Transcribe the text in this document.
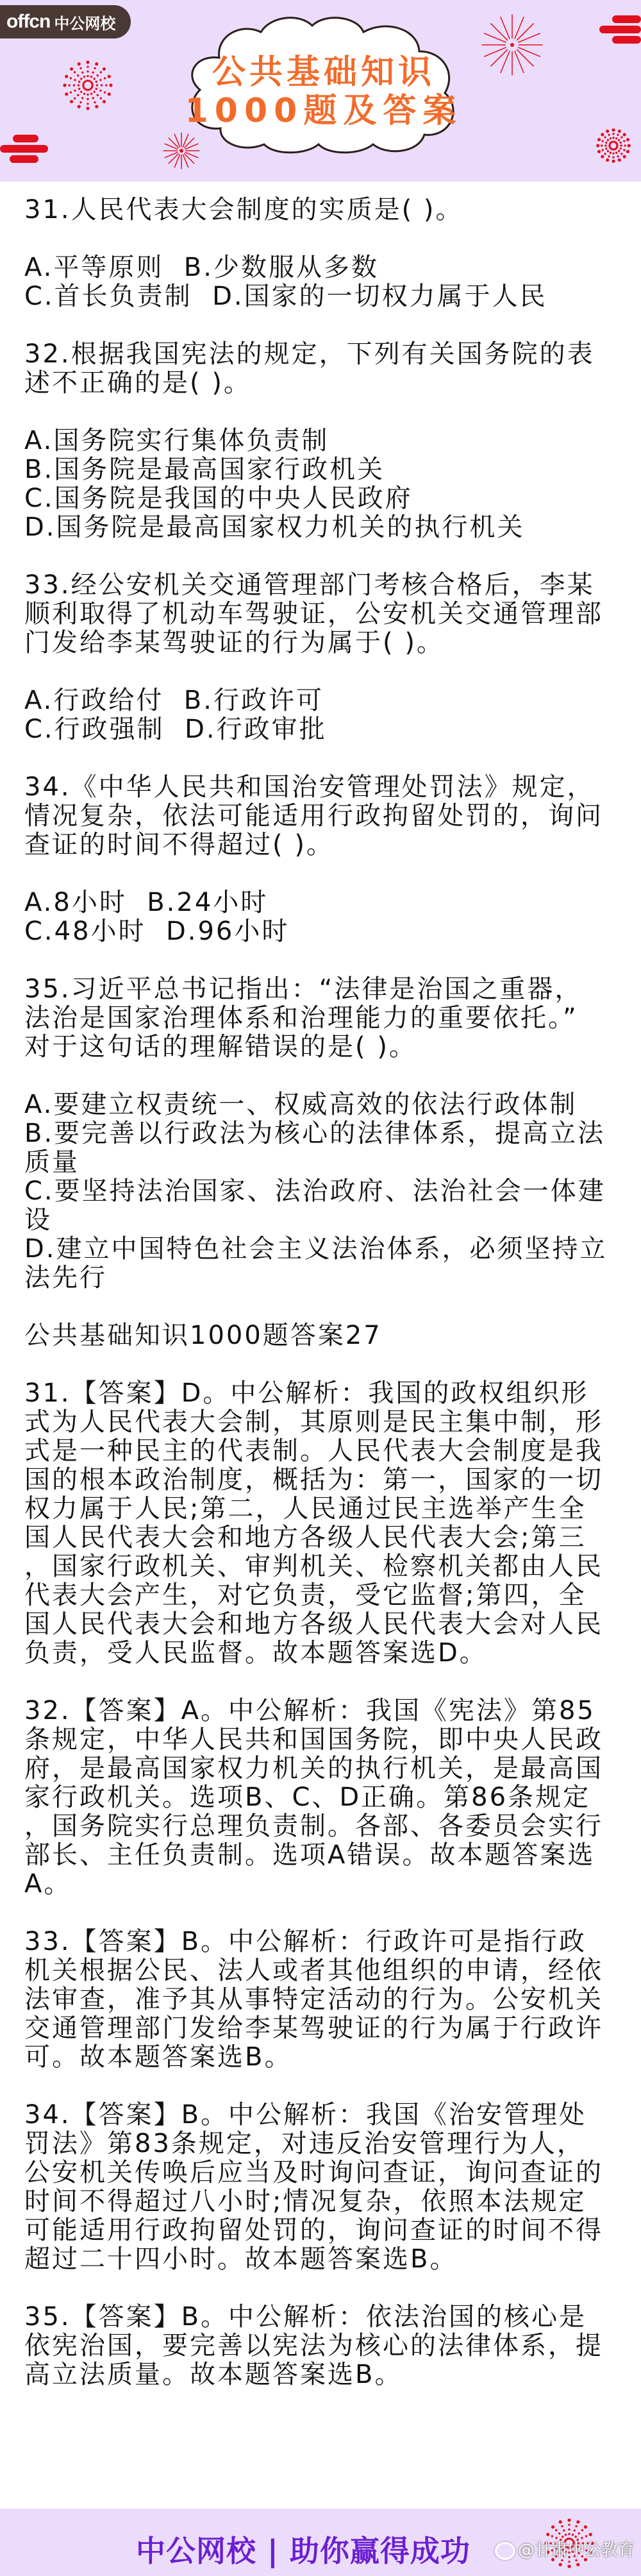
offcn 中公网校
公共基础知识
1000题及答案
31.人民代表大会制度的实质是( )。
A.平等原则  B.少数服从多数
C.首长负责制  D.国家的一切权力属于人民
32.根据我国宪法的规定，下列有关国务院的表
述不正确的是( )。
A.国务院实行集体负责制
B.国务院是最高国家行政机关
C.国务院是我国的中央人民政府
D.国务院是最高国家权力机关的执行机关
33.经公安机关交通管理部门考核合格后，李某
顺利取得了机动车驾驶证，公安机关交通管理部
门发给李某驾驶证的行为属于( )。
A.行政给付  B.行政许可
C.行政强制  D.行政审批
34.《中华人民共和国治安管理处罚法》规定，
情况复杂，依法可能适用行政拘留处罚的，询问
查证的时间不得超过( )。
A.8小时  B.24小时
C.48小时  D.96小时
35.习近平总书记指出：“法律是治国之重器，
法治是国家治理体系和治理能力的重要依托。”
对于这句话的理解错误的是( )。
A.要建立权责统一、权威高效的依法行政体制
B.要完善以行政法为核心的法律体系，提高立法
质量
C.要坚持法治国家、法治政府、法治社会一体建
设
D.建立中国特色社会主义法治体系，必须坚持立
法先行
公共基础知识1000题答案27
31.【答案】D。中公解析：我国的政权组织形
式为人民代表大会制，其原则是民主集中制，形
式是一种民主的代表制。人民代表大会制度是我
国的根本政治制度，概括为：第一，国家的一切
权力属于人民;第二，人民通过民主选举产生全
国人民代表大会和地方各级人民代表大会;第三
，国家行政机关、审判机关、检察机关都由人民
代表大会产生，对它负责，受它监督;第四，全
国人民代表大会和地方各级人民代表大会对人民
负责，受人民监督。故本题答案选D。
32.【答案】A。中公解析：我国《宪法》第85
条规定，中华人民共和国国务院，即中央人民政
府，是最高国家权力机关的执行机关，是最高国
家行政机关。选项B、C、D正确。第86条规定
，国务院实行总理负责制。各部、各委员会实行
部长、主任负责制。选项A错误。故本题答案选
A。
33.【答案】B。中公解析：行政许可是指行政
机关根据公民、法人或者其他组织的申请，经依
法审查，准予其从事特定活动的行为。公安机关
交通管理部门发给李某驾驶证的行为属于行政许
可。故本题答案选B。
34.【答案】B。中公解析：我国《治安管理处
罚法》第83条规定，对违反治安管理行为人，
公安机关传唤后应当及时询问查证，询问查证的
时间不得超过八小时;情况复杂，依照本法规定
可能适用行政拘留处罚的，询问查证的时间不得
超过二十四小时。故本题答案选B。
35.【答案】B。中公解析：依法治国的核心是
依宪治国，要完善以宪法为核心的法律体系，提
高立法质量。故本题答案选B。
中公网校 | 助你赢得成功	@甘肃中公教育
